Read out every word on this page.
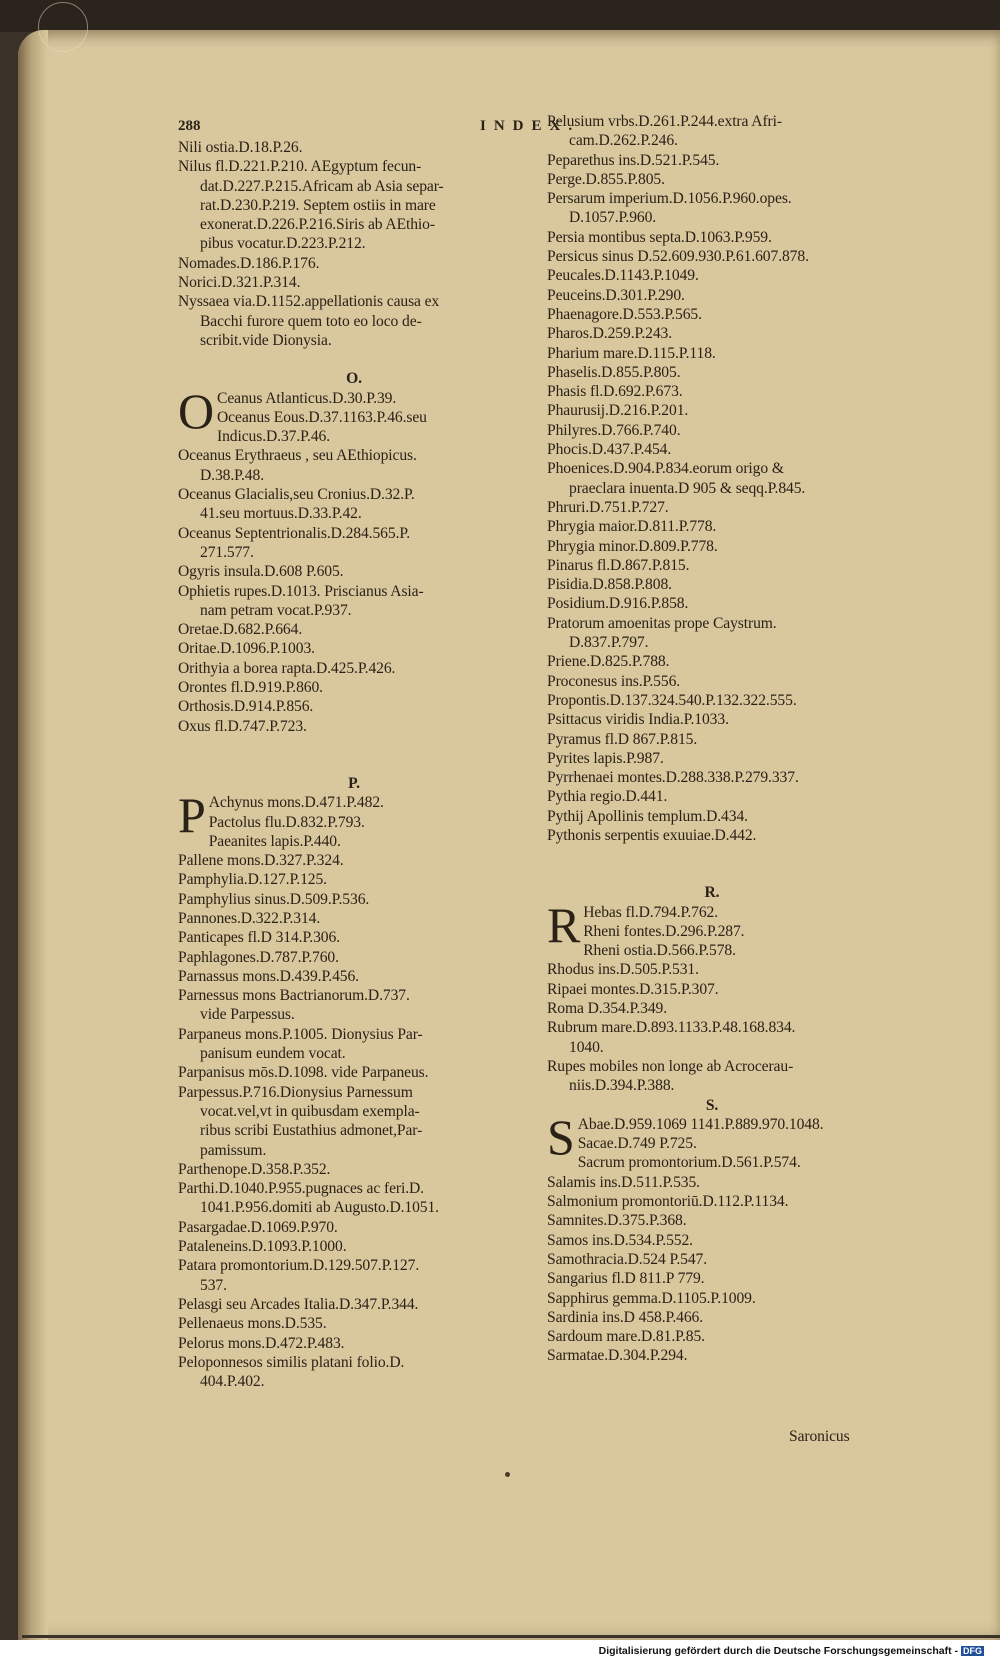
288	INDEX.
Nili ostia.D.18.P.26.
Nilus fl.D.221.P.210. AEgyptum fecun-
dat.D.227.P.215.Africam ab Asia separ-
rat.D.230.P.219. Septem ostiis in mare
exonerat.D.226.P.216.Siris ab AEthio-
pibus vocatur.D.223.P.212.
Nomades.D.186.P.176.
Norici.D.321.P.314.
Nyssaea via.D.1152.appellationis causa ex
Bacchi furore quem toto eo loco de-
scribit.vide Dionysia.
O.
O Ceanus Atlanticus.D.30.P.39.
Oceanus Eous.D.37.1163.P.46.seu
Indicus.D.37.P.46.
Oceanus Erythraeus , seu AEthiopicus.
D.38.P.48.
Oceanus Glacialis,seu Cronius.D.32.P.
41.seu mortuus.D.33.P.42.
Oceanus Septentrionalis.D.284.565.P.
271.577.
Ogyris insula.D.608 P.605.
Ophietis rupes.D.1013. Priscianus Asia-
nam petram vocat.P.937.
Oretae.D.682.P.664.
Oritae.D.1096.P.1003.
Orithyia a borea rapta.D.425.P.426.
Orontes fl.D.919.P.860.
Orthosis.D.914.P.856.
Oxus fl.D.747.P.723.
P.
P Achynus mons.D.471.P.482.
Pactolus flu.D.832.P.793.
Paeanites lapis.P.440.
Pallene mons.D.327.P.324.
Pamphylia.D.127.P.125.
Pamphylius sinus.D.509.P.536.
Pannones.D.322.P.314.
Panticapes fl.D 314.P.306.
Paphlagones.D.787.P.760.
Parnassus mons.D.439.P.456.
Parnessus mons Bactrianorum.D.737.
vide Parpessus.
Parpaneus mons.P.1005. Dionysius Par-
panisum eundem vocat.
Parpanisus mōs.D.1098. vide Parpaneus.
Parpessus.P.716.Dionysius Parnessum
vocat.vel,vt in quibusdam exempla-
ribus scribi Eustathius admonet,Par-
pamissum.
Parthenope.D.358.P.352.
Parthi.D.1040.P.955.pugnaces ac feri.D.
1041.P.956.domiti ab Augusto.D.1051.
Pasargadae.D.1069.P.970.
Pataleneins.D.1093.P.1000.
Patara promontorium.D.129.507.P.127.
537.
Pelasgi seu Arcades Italia.D.347.P.344.
Pellenaeus mons.D.535.
Pelorus mons.D.472.P.483.
Peloponnesos similis platani folio.D.
404.P.402.
Pelusium vrbs.D.261.P.244.extra Afri-
cam.D.262.P.246.
Peparethus ins.D.521.P.545.
Perge.D.855.P.805.
Persarum imperium.D.1056.P.960.opes.
D.1057.P.960.
Persia montibus septa.D.1063.P.959.
Persicus sinus D.52.609.930.P.61.607.878.
Peucales.D.1143.P.1049.
Peuceins.D.301.P.290.
Phaenagore.D.553.P.565.
Pharos.D.259.P.243.
Pharium mare.D.115.P.118.
Phaselis.D.855.P.805.
Phasis fl.D.692.P.673.
Phaurusij.D.216.P.201.
Philyres.D.766.P.740.
Phocis.D.437.P.454.
Phoenices.D.904.P.834.eorum origo &
praeclara inuenta.D 905 & seqq.P.845.
Phruri.D.751.P.727.
Phrygia maior.D.811.P.778.
Phrygia minor.D.809.P.778.
Pinarus fl.D.867.P.815.
Pisidia.D.858.P.808.
Posidium.D.916.P.858.
Pratorum amoenitas prope Caystrum.
D.837.P.797.
Priene.D.825.P.788.
Proconesus ins.P.556.
Propontis.D.137.324.540.P.132.322.555.
Psittacus viridis India.P.1033.
Pyramus fl.D 867.P.815.
Pyrites lapis.P.987.
Pyrrhenaei montes.D.288.338.P.279.337.
Pythia regio.D.441.
Pythij Apollinis templum.D.434.
Pythonis serpentis exuuiae.D.442.
R.
R Hebas fl.D.794.P.762.
Rheni fontes.D.296.P.287.
Rheni ostia.D.566.P.578.
Rhodus ins.D.505.P.531.
Ripaei montes.D.315.P.307.
Roma D.354.P.349.
Rubrum mare.D.893.1133.P.48.168.834.
1040.
Rupes mobiles non longe ab Acrocerau-
niis.D.394.P.388.
S.
S Abae.D.959.1069 1141.P.889.970.1048.
Sacae.D.749 P.725.
Sacrum promontorium.D.561.P.574.
Salamis ins.D.511.P.535.
Salmonium promontoriū.D.112.P.1134.
Samnites.D.375.P.368.
Samos ins.D.534.P.552.
Samothracia.D.524 P.547.
Sangarius fl.D 811.P 779.
Sapphirus gemma.D.1105.P.1009.
Sardinia ins.D 458.P.466.
Sardoum mare.D.81.P.85.
Sarmatae.D.304.P.294.
Saronicus
Digitalisierung gefördert durch die Deutsche Forschungsgemeinschaft - DFG
